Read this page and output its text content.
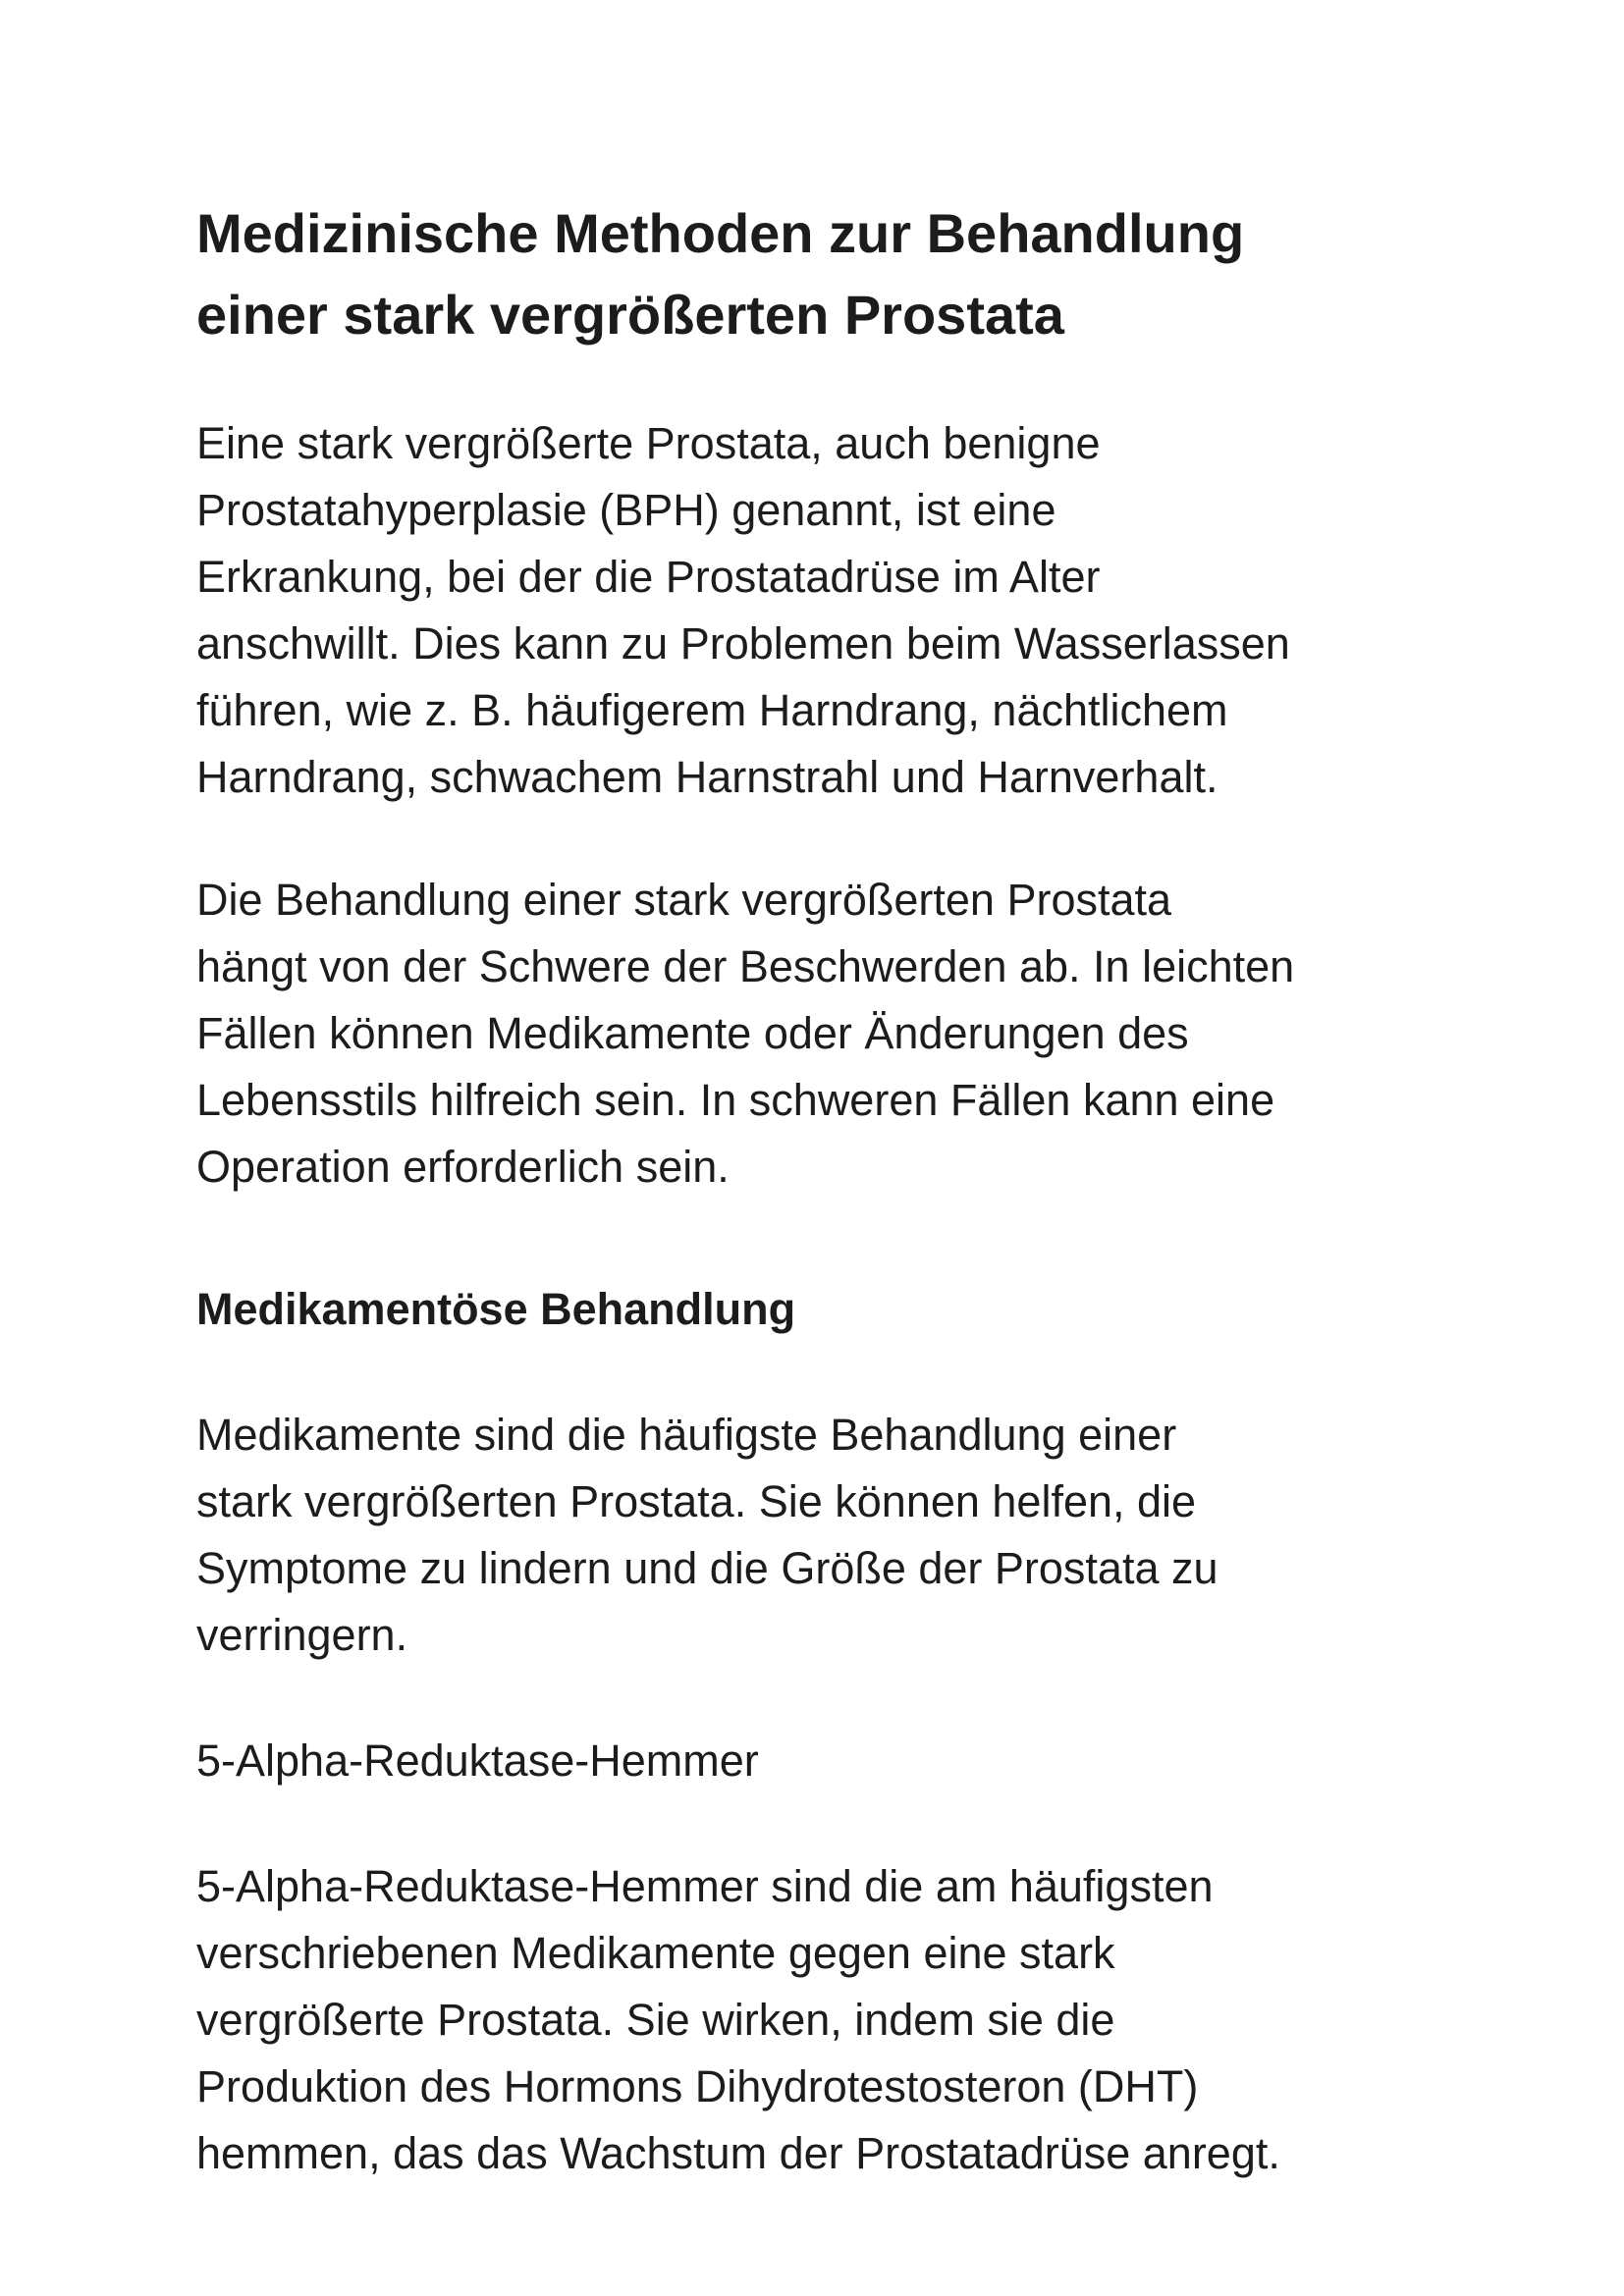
Medizinische Methoden zur Behandlung
einer stark vergrößerten Prostata

Eine stark vergrößerte Prostata, auch benigne
Prostatahyperplasie (BPH) genannt, ist eine
Erkrankung, bei der die Prostatadrüse im Alter
anschwillt. Dies kann zu Problemen beim Wasserlassen
führen, wie z. B. häufigerem Harndrang, nächtlichem
Harndrang, schwachem Harnstrahl und Harnverhalt.

Die Behandlung einer stark vergrößerten Prostata
hängt von der Schwere der Beschwerden ab. In leichten
Fällen können Medikamente oder Änderungen des
Lebensstils hilfreich sein. In schweren Fällen kann eine
Operation erforderlich sein.

Medikamentöse Behandlung

Medikamente sind die häufigste Behandlung einer
stark vergrößerten Prostata. Sie können helfen, die
Symptome zu lindern und die Größe der Prostata zu
verringern.

5-Alpha-Reduktase-Hemmer

5-Alpha-Reduktase-Hemmer sind die am häufigsten
verschriebenen Medikamente gegen eine stark
vergrößerte Prostata. Sie wirken, indem sie die
Produktion des Hormons Dihydrotestosteron (DHT)
hemmen, das das Wachstum der Prostatadrüse anregt.
